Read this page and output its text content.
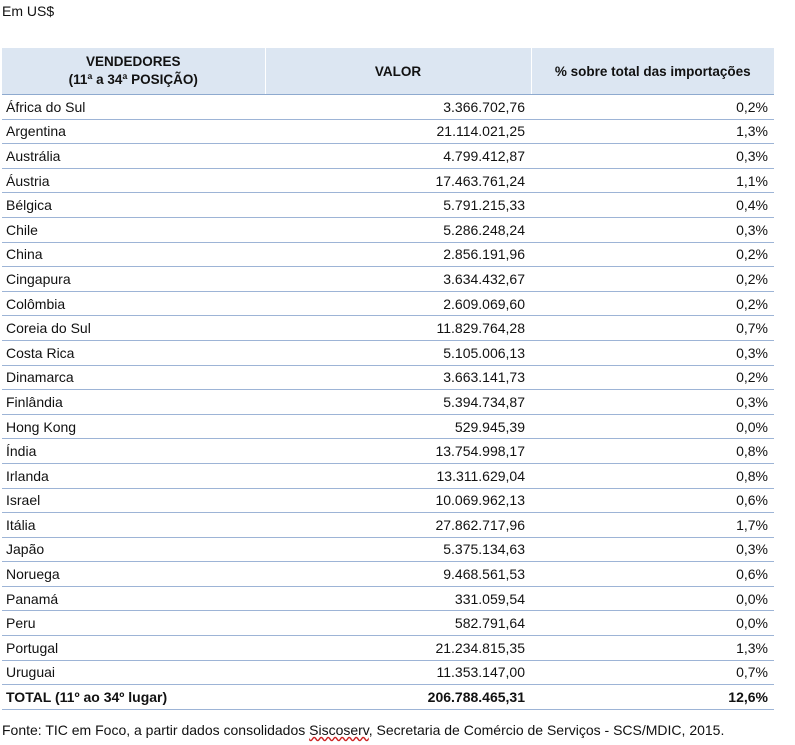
Em US$
VENDEDORES
(11ª a 34ª POSIÇÃO)	VALOR	% sobre total das importações
África do Sul	3.366.702,76	0,2%
Argentina	21.114.021,25	1,3%
Austrália	4.799.412,87	0,3%
Áustria	17.463.761,24	1,1%
Bélgica	5.791.215,33	0,4%
Chile	5.286.248,24	0,3%
China	2.856.191,96	0,2%
Cingapura	3.634.432,67	0,2%
Colômbia	2.609.069,60	0,2%
Coreia do Sul	11.829.764,28	0,7%
Costa Rica	5.105.006,13	0,3%
Dinamarca	3.663.141,73	0,2%
Finlândia	5.394.734,87	0,3%
Hong Kong	529.945,39	0,0%
Índia	13.754.998,17	0,8%
Irlanda	13.311.629,04	0,8%
Israel	10.069.962,13	0,6%
Itália	27.862.717,96	1,7%
Japão	5.375.134,63	0,3%
Noruega	9.468.561,53	0,6%
Panamá	331.059,54	0,0%
Peru	582.791,64	0,0%
Portugal	21.234.815,35	1,3%
Uruguai	11.353.147,00	0,7%
TOTAL (11º ao 34º lugar)	206.788.465,31	12,6%
Fonte: TIC em Foco, a partir dados consolidados Siscoserv, Secretaria de Comércio de Serviços - SCS/MDIC, 2015.
